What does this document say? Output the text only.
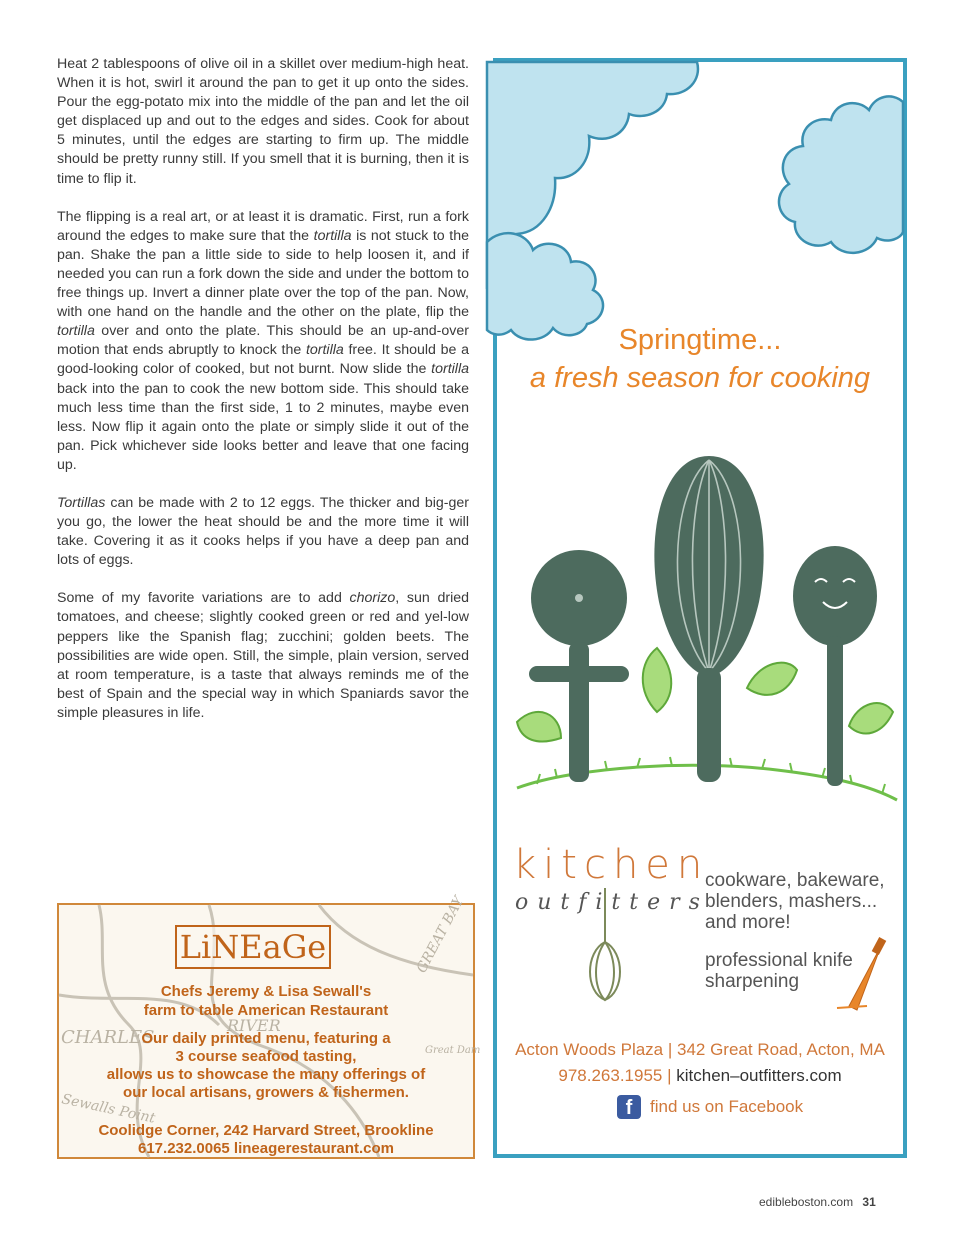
Heat 2 tablespoons of olive oil in a skillet over medium-high heat. When it is hot, swirl it around the pan to get it up onto the sides. Pour the egg-potato mix into the middle of the pan and let the oil get displaced up and out to the edges and sides. Cook for about 5 minutes, until the edges are starting to firm up. The middle should be pretty runny still. If you smell that it is burning, then it is time to flip it.

The flipping is a real art, or at least it is dramatic. First, run a fork around the edges to make sure that the tortilla is not stuck to the pan. Shake the pan a little side to side to help loosen it, and if needed you can run a fork down the side and under the bottom to free things up. Invert a dinner plate over the top of the pan. Now, with one hand on the handle and the other on the plate, flip the tortilla over and onto the plate. This should be an up-and-over motion that ends abruptly to knock the tortilla free. It should be a good-looking color of cooked, but not burnt. Now slide the tortilla back into the pan to cook the new bottom side. This should take much less time than the first side, 1 to 2 minutes, maybe even less. Now flip it again onto the plate or simply slide it out of the pan. Pick whichever side looks better and leave that one facing up.

Tortillas can be made with 2 to 12 eggs. The thicker and big-ger you go, the lower the heat should be and the more time it will take. Covering it as it cooks helps if you have a deep pan and lots of eggs.

Some of my favorite variations are to add chorizo, sun dried tomatoes, and cheese; slightly cooked green or red and yel-low peppers like the Spanish flag; zucchini; golden beets. The possibilities are wide open. Still, the simple, plain version, served at room temperature, is a taste that always reminds me of the best of Spain and the special way in which Spaniards savor the simple pleasures in life.

Springtime...
a fresh season for cooking
kitchen
outfitters
cookware, bakeware, blenders, mashers... and more!
professional knife sharpening
Acton Woods Plaza | 342 Great Road, Acton, MA
978.263.1955 | kitchen–outfitters.com
f	find us on Facebook
CHARLES
RIVER
GREAT BAY
Sewalls Point
Great Dam
LiNEaGe
Chefs Jeremy & Lisa Sewall's
farm to table American Restaurant
Our daily printed menu, featuring a
3 course seafood tasting,
allows us to showcase the many offerings of
our local artisans, growers & fishermen.
Coolidge Corner, 242 Harvard Street, Brookline
617.232.0065 lineagerestaurant.com
edibleboston.com 31
